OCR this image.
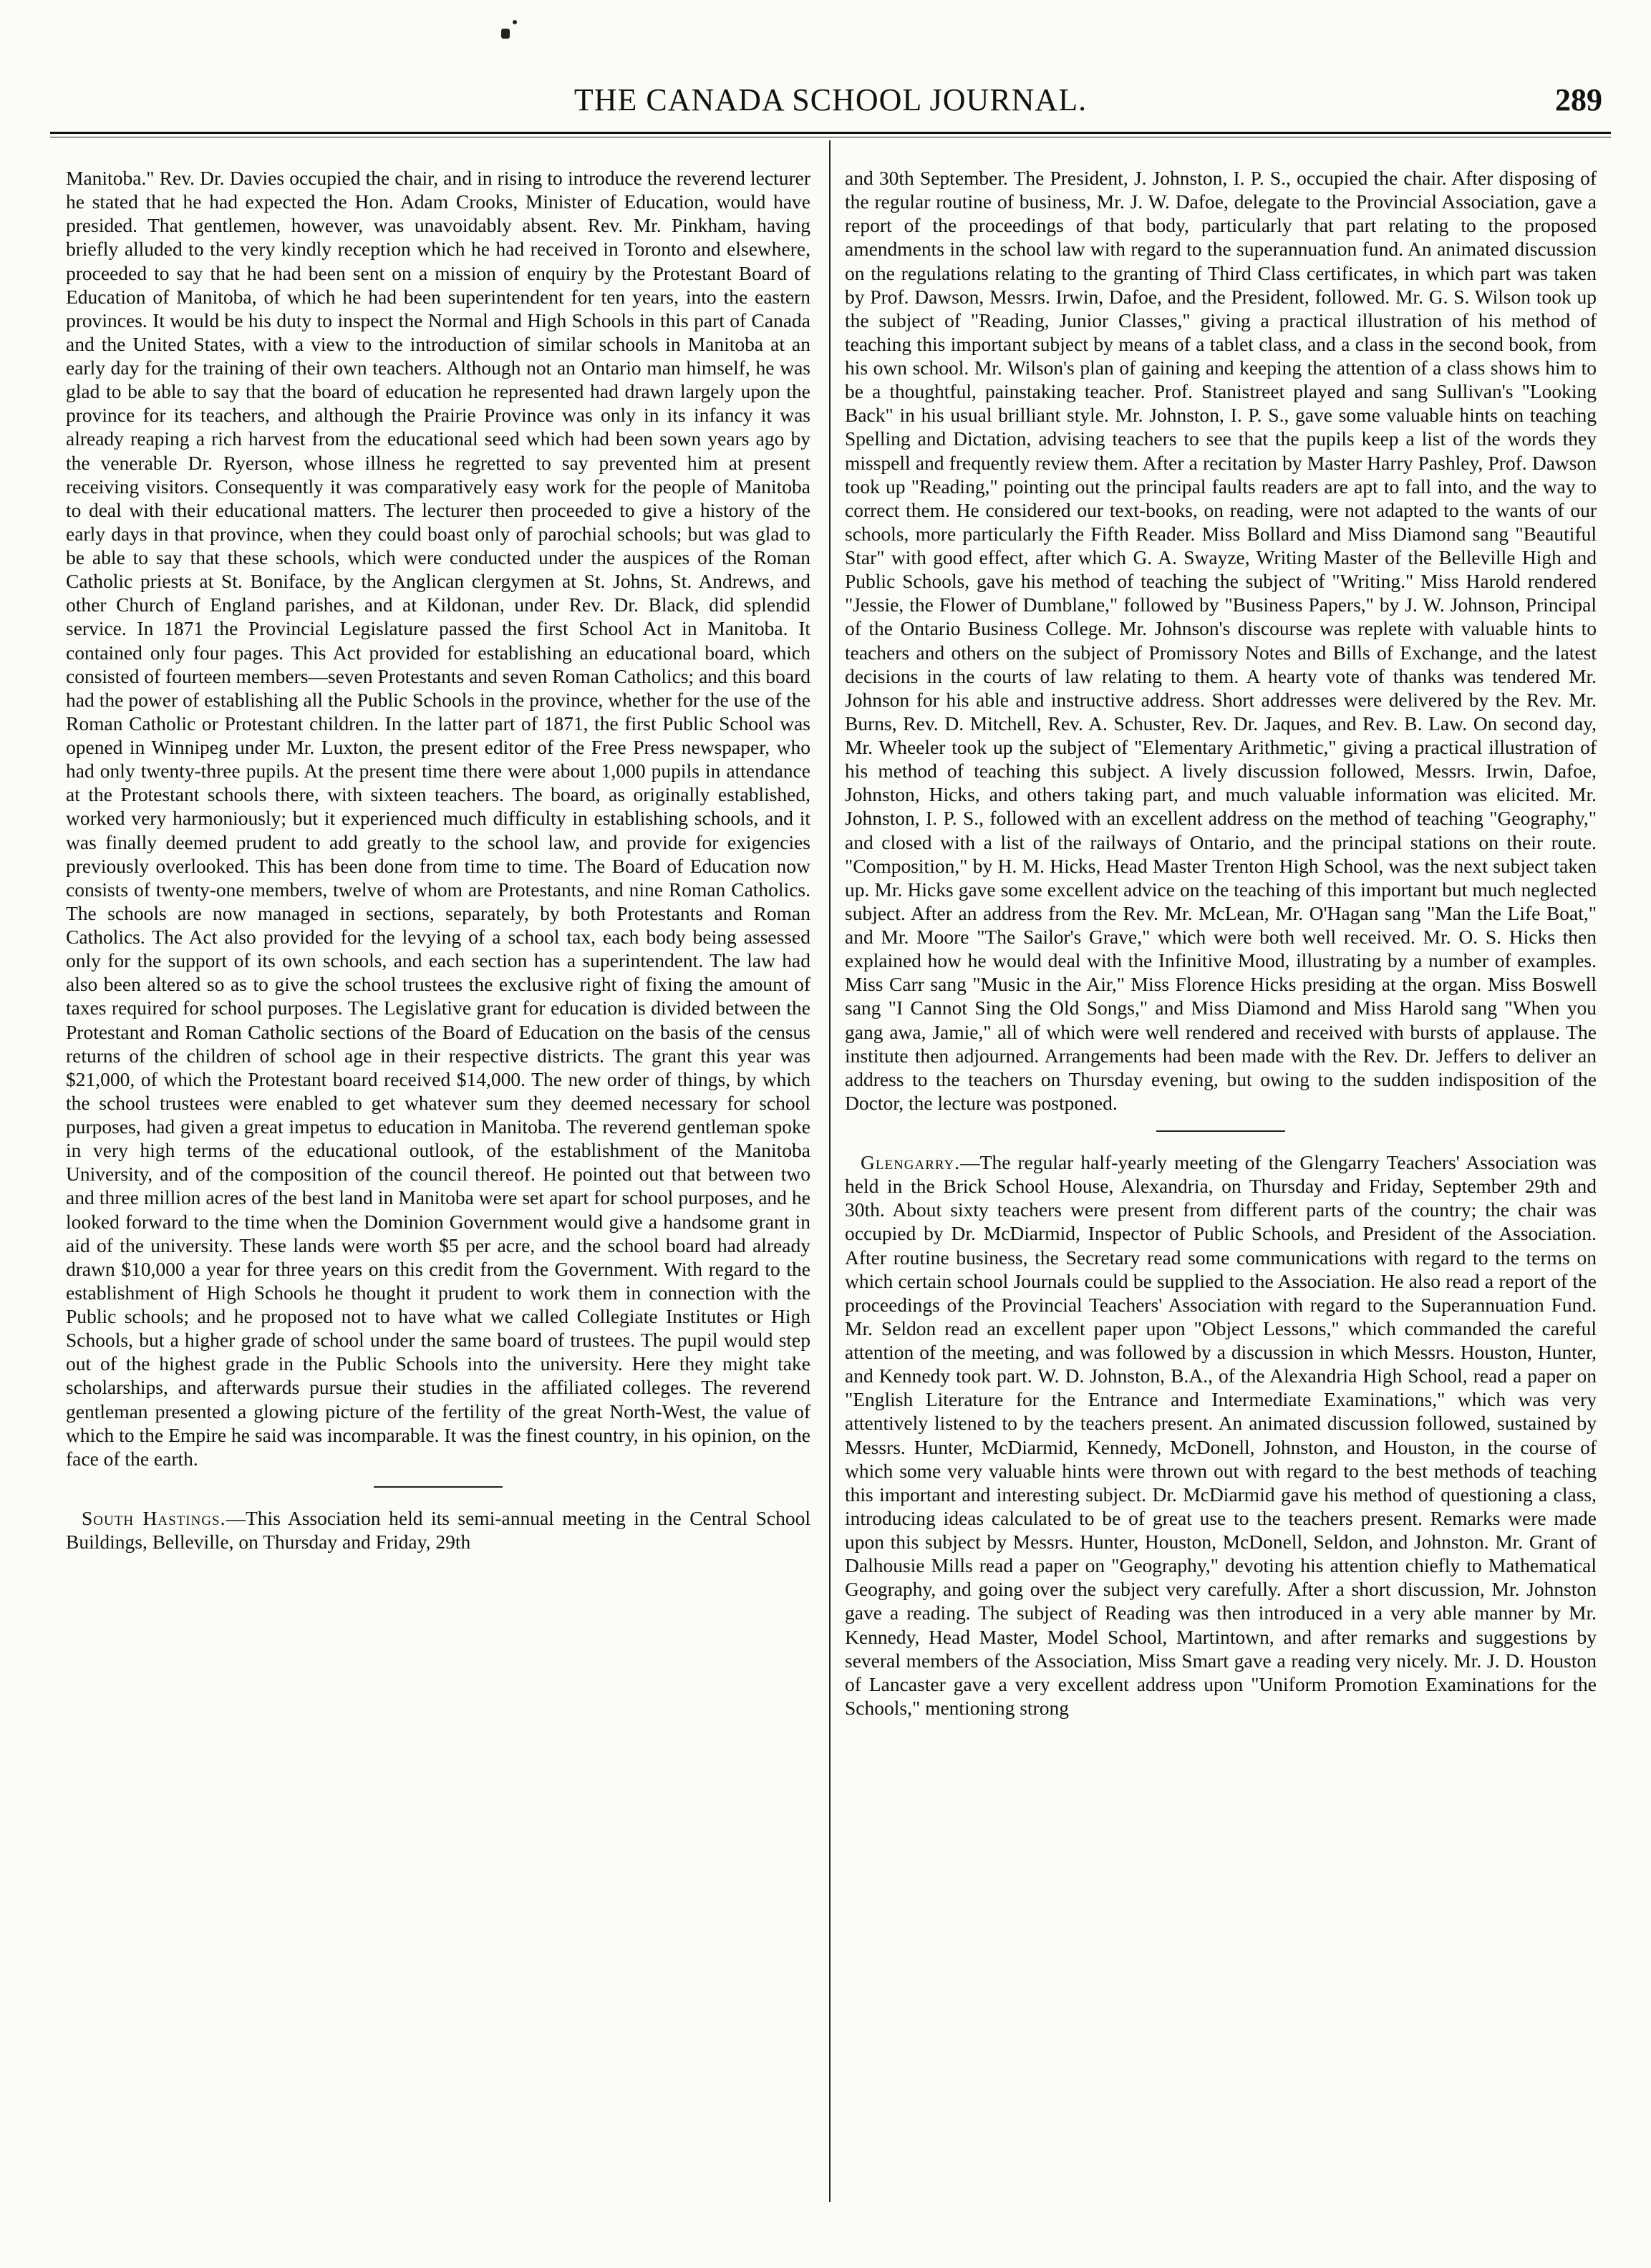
THE CANADA SCHOOL JOURNAL.	289

Manitoba." Rev. Dr. Davies occupied the chair, and in rising to introduce the reverend lecturer he stated that he had expected the Hon. Adam Crooks, Minister of Education, would have presided. That gentlemen, however, was unavoidably absent. Rev. Mr. Pinkham, having briefly alluded to the very kindly reception which he had received in Toronto and elsewhere, proceeded to say that he had been sent on a mission of enquiry by the Protestant Board of Education of Manitoba, of which he had been superintendent for ten years, into the eastern provinces. It would be his duty to inspect the Normal and High Schools in this part of Canada and the United States, with a view to the introduction of similar schools in Manitoba at an early day for the training of their own teachers. Although not an Ontario man himself, he was glad to be able to say that the board of education he represented had drawn largely upon the province for its teachers, and although the Prairie Province was only in its infancy it was already reaping a rich harvest from the educational seed which had been sown years ago by the venerable Dr. Ryerson, whose illness he regretted to say prevented him at present receiving visitors. Consequently it was comparatively easy work for the people of Manitoba to deal with their educational matters. The lecturer then proceeded to give a history of the early days in that province, when they could boast only of parochial schools; but was glad to be able to say that these schools, which were conducted under the auspices of the Roman Catholic priests at St. Boniface, by the Anglican clergymen at St. Johns, St. Andrews, and other Church of England parishes, and at Kildonan, under Rev. Dr. Black, did splendid service. In 1871 the Provincial Legislature passed the first School Act in Manitoba. It contained only four pages. This Act provided for establishing an educational board, which consisted of fourteen members—seven Protestants and seven Roman Catholics; and this board had the power of establishing all the Public Schools in the province, whether for the use of the Roman Catholic or Protestant children. In the latter part of 1871, the first Public School was opened in Winnipeg under Mr. Luxton, the present editor of the Free Press newspaper, who had only twenty-three pupils. At the present time there were about 1,000 pupils in attendance at the Protestant schools there, with sixteen teachers. The board, as originally established, worked very harmoniously; but it experienced much difficulty in establishing schools, and it was finally deemed prudent to add greatly to the school law, and provide for exigencies previously overlooked. This has been done from time to time. The Board of Education now consists of twenty-one members, twelve of whom are Protestants, and nine Roman Catholics. The schools are now managed in sections, separately, by both Protestants and Roman Catholics. The Act also provided for the levying of a school tax, each body being assessed only for the support of its own schools, and each section has a superintendent. The law had also been altered so as to give the school trustees the exclusive right of fixing the amount of taxes required for school purposes. The Legislative grant for education is divided between the Protestant and Roman Catholic sections of the Board of Education on the basis of the census returns of the children of school age in their respective districts. The grant this year was $21,000, of which the Protestant board received $14,000. The new order of things, by which the school trustees were enabled to get whatever sum they deemed necessary for school purposes, had given a great impetus to education in Manitoba. The reverend gentleman spoke in very high terms of the educational outlook, of the establishment of the Manitoba University, and of the composition of the council thereof. He pointed out that between two and three million acres of the best land in Manitoba were set apart for school purposes, and he looked forward to the time when the Dominion Government would give a handsome grant in aid of the university. These lands were worth $5 per acre, and the school board had already drawn $10,000 a year for three years on this credit from the Government. With regard to the establishment of High Schools he thought it prudent to work them in connection with the Public schools; and he proposed not to have what we called Collegiate Institutes or High Schools, but a higher grade of school under the same board of trustees. The pupil would step out of the highest grade in the Public Schools into the university. Here they might take scholarships, and afterwards pursue their studies in the affiliated colleges. The reverend gentleman presented a glowing picture of the fertility of the great North-West, the value of which to the Empire he said was incomparable. It was the finest country, in his opinion, on the face of the earth.

South Hastings.—This Association held its semi-annual meeting in the Central School Buildings, Belleville, on Thursday and Friday, 29th

and 30th September. The President, J. Johnston, I. P. S., occupied the chair. After disposing of the regular routine of business, Mr. J. W. Dafoe, delegate to the Provincial Association, gave a report of the proceedings of that body, particularly that part relating to the proposed amendments in the school law with regard to the superannuation fund. An animated discussion on the regulations relating to the granting of Third Class certificates, in which part was taken by Prof. Dawson, Messrs. Irwin, Dafoe, and the President, followed. Mr. G. S. Wilson took up the subject of "Reading, Junior Classes," giving a practical illustration of his method of teaching this important subject by means of a tablet class, and a class in the second book, from his own school. Mr. Wilson's plan of gaining and keeping the attention of a class shows him to be a thoughtful, painstaking teacher. Prof. Stanistreet played and sang Sullivan's "Looking Back" in his usual brilliant style. Mr. Johnston, I. P. S., gave some valuable hints on teaching Spelling and Dictation, advising teachers to see that the pupils keep a list of the words they misspell and frequently review them. After a recitation by Master Harry Pashley, Prof. Dawson took up "Reading," pointing out the principal faults readers are apt to fall into, and the way to correct them. He considered our text-books, on reading, were not adapted to the wants of our schools, more particularly the Fifth Reader. Miss Bollard and Miss Diamond sang "Beautiful Star" with good effect, after which G. A. Swayze, Writing Master of the Belleville High and Public Schools, gave his method of teaching the subject of "Writing." Miss Harold rendered "Jessie, the Flower of Dumblane," followed by "Business Papers," by J. W. Johnson, Principal of the Ontario Business College. Mr. Johnson's discourse was replete with valuable hints to teachers and others on the subject of Promissory Notes and Bills of Exchange, and the latest decisions in the courts of law relating to them. A hearty vote of thanks was tendered Mr. Johnson for his able and instructive address. Short addresses were delivered by the Rev. Mr. Burns, Rev. D. Mitchell, Rev. A. Schuster, Rev. Dr. Jaques, and Rev. B. Law. On second day, Mr. Wheeler took up the subject of "Elementary Arithmetic," giving a practical illustration of his method of teaching this subject. A lively discussion followed, Messrs. Irwin, Dafoe, Johnston, Hicks, and others taking part, and much valuable information was elicited. Mr. Johnston, I. P. S., followed with an excellent address on the method of teaching "Geography," and closed with a list of the railways of Ontario, and the principal stations on their route. "Composition," by H. M. Hicks, Head Master Trenton High School, was the next subject taken up. Mr. Hicks gave some excellent advice on the teaching of this important but much neglected subject. After an address from the Rev. Mr. McLean, Mr. O'Hagan sang "Man the Life Boat," and Mr. Moore "The Sailor's Grave," which were both well received. Mr. O. S. Hicks then explained how he would deal with the Infinitive Mood, illustrating by a number of examples. Miss Carr sang "Music in the Air," Miss Florence Hicks presiding at the organ. Miss Boswell sang "I Cannot Sing the Old Songs," and Miss Diamond and Miss Harold sang "When you gang awa, Jamie," all of which were well rendered and received with bursts of applause. The institute then adjourned. Arrangements had been made with the Rev. Dr. Jeffers to deliver an address to the teachers on Thursday evening, but owing to the sudden indisposition of the Doctor, the lecture was postponed.

Glengarry.—The regular half-yearly meeting of the Glengarry Teachers' Association was held in the Brick School House, Alexandria, on Thursday and Friday, September 29th and 30th. About sixty teachers were present from different parts of the country; the chair was occupied by Dr. McDiarmid, Inspector of Public Schools, and President of the Association. After routine business, the Secretary read some communications with regard to the terms on which certain school Journals could be supplied to the Association. He also read a report of the proceedings of the Provincial Teachers' Association with regard to the Superannuation Fund. Mr. Seldon read an excellent paper upon "Object Lessons," which commanded the careful attention of the meeting, and was followed by a discussion in which Messrs. Houston, Hunter, and Kennedy took part. W. D. Johnston, B.A., of the Alexandria High School, read a paper on "English Literature for the Entrance and Intermediate Examinations," which was very attentively listened to by the teachers present. An animated discussion followed, sustained by Messrs. Hunter, McDiarmid, Kennedy, McDonell, Johnston, and Houston, in the course of which some very valuable hints were thrown out with regard to the best methods of teaching this important and interesting subject. Dr. McDiarmid gave his method of questioning a class, introducing ideas calculated to be of great use to the teachers present. Remarks were made upon this subject by Messrs. Hunter, Houston, McDonell, Seldon, and Johnston. Mr. Grant of Dalhousie Mills read a paper on "Geography," devoting his attention chiefly to Mathematical Geography, and going over the subject very carefully. After a short discussion, Mr. Johnston gave a reading. The subject of Reading was then introduced in a very able manner by Mr. Kennedy, Head Master, Model School, Martintown, and after remarks and suggestions by several members of the Association, Miss Smart gave a reading very nicely. Mr. J. D. Houston of Lancaster gave a very excellent address upon "Uniform Promotion Examinations for the Schools," mentioning strong
